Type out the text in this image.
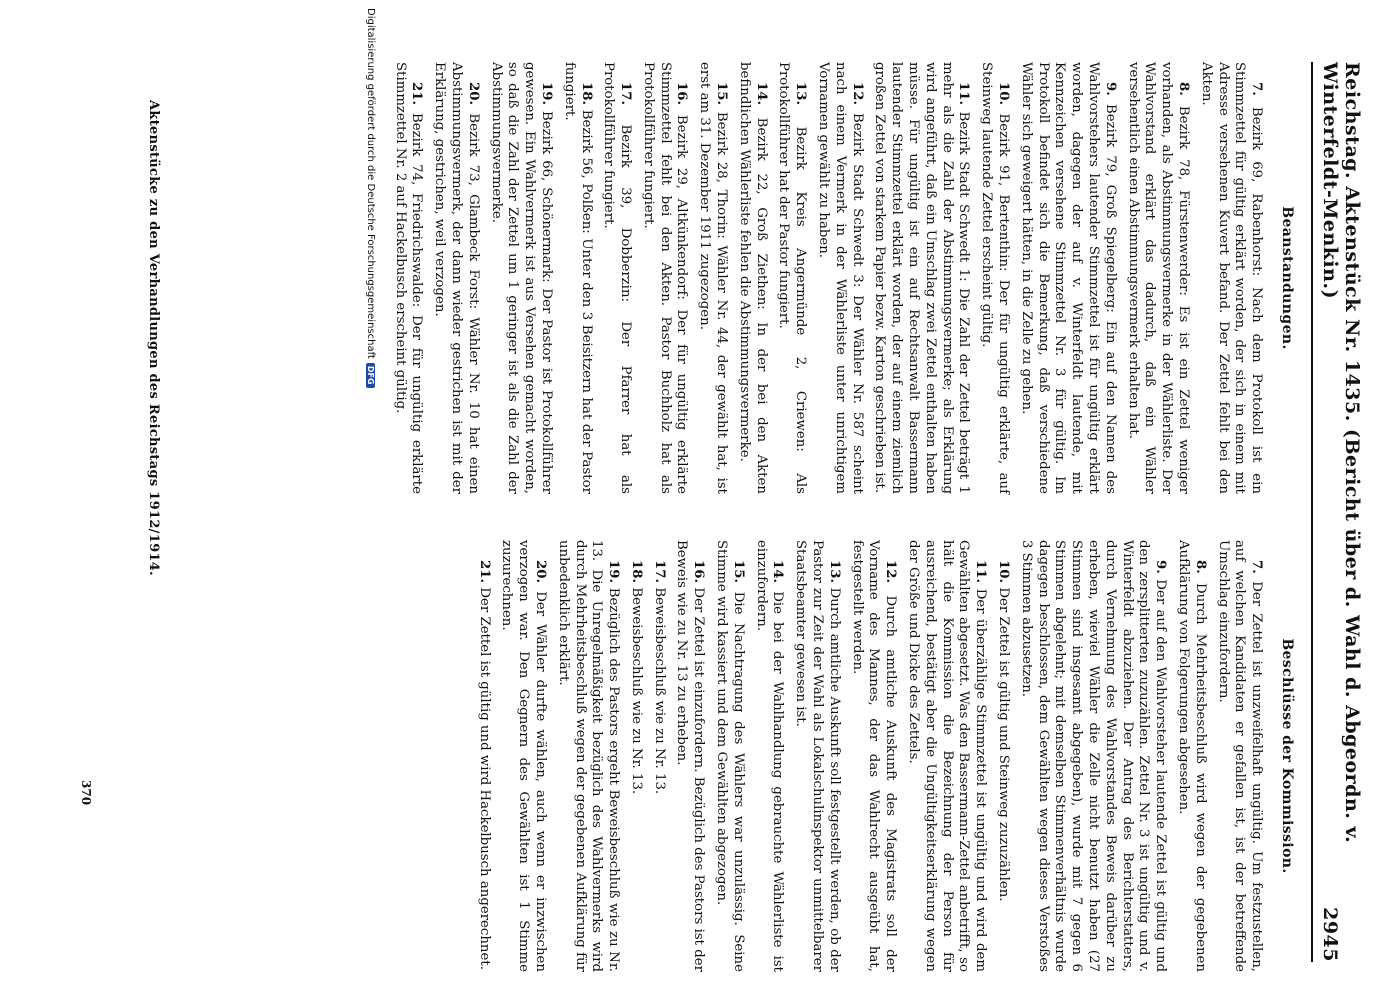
Reichstag. Aktenstück Nr. 1435. (Bericht über d. Wahl d. Abgeordn. v. Winterfeldt-Menkin.)
2945
Beanstandungen.

7. Bezirk 69, Rabenhorst: Nach dem Protokoll ist ein Stimmzettel für gültig erklärt worden, der sich in einem mit Adresse versehenen Kuvert befand. Der Zettel fehlt bei den Akten.

8. Bezirk 78, Fürstenwerder: Es ist ein Zettel weniger vorhanden, als Abstimmungsvermerke in der Wählerliste. Der Wahlvorstand erklärt das dadurch, daß ein Wähler versehentlich einen Abstimmungsvermerk erhalten hat.

9. Bezirk 79, Groß Spiegelberg: Ein auf den Namen des Wahlvorstehers lautender Stimmzettel ist für ungültig erklärt worden, dagegen der auf v. Winterfeldt lautende, mit Kennzeichen versehene Stimmzettel Nr. 3 für gültig. Im Protokoll befindet sich die Bemerkung, daß verschiedene Wähler sich geweigert hätten, in die Zelle zu gehen.

10. Bezirk 91, Bertenthin: Der für ungültig erklärte, auf Steinweg lautende Zettel erscheint gültig.

11. Bezirk Stadt Schwedt 1: Die Zahl der Zettel beträgt 1 mehr als die Zahl der Abstimmungsvermerke; als Erklärung wird angeführt, daß ein Umschlag zwei Zettel enthalten haben müsse. Für ungültig ist ein auf Rechtsanwalt Bassermann lautender Stimmzettel erklärt worden, der auf einem ziemlich großen Zettel von starkem Papier bezw. Karton geschrieben ist.

12. Bezirk Stadt Schwedt 3: Der Wähler Nr. 587 scheint nach einem Vermerk in der Wählerliste unter unrichtigem Vornamen gewählt zu haben.

13. Bezirk Kreis Angermünde 2, Criewen: Als Protokollführer hat der Pastor fungiert.

14. Bezirk 22, Groß Ziethen: In der bei den Akten befindlichen Wählerliste fehlen die Abstimmungsvermerke.

15. Bezirk 28, Thorin: Wähler Nr. 44, der gewählt hat, ist erst am 31. Dezember 1911 zugezogen.

16. Bezirk 29, Altkünkendorf: Der für ungültig erklärte Stimmzettel fehlt bei den Akten. Pastor Buchholz hat als Protokollführer fungiert.

17. Bezirk 39, Dobberzin: Der Pfarrer hat als Protokollführer fungiert.

18. Bezirk 56, Polßen: Unter den 3 Beisitzern hat der Pastor fungiert.

19. Bezirk 66, Schönermark: Der Pastor ist Protokollführer gewesen. Ein Wahlvermerk ist aus Versehen gemacht worden, so daß die Zahl der Zettel um 1 geringer ist als die Zahl der Abstimmungsvermerke.

20. Bezirk 73, Glambeck Forst: Wähler Nr. 10 hat einen Abstimmungsvermerk, der dann wieder gestrichen ist mit der Erklärung, gestrichen, weil verzogen.

21. Bezirk 74, Friedrichswalde: Der für ungültig erklärte Stimmzettel Nr. 2 auf Hackelbusch erscheint gültig.

Beschlüsse der Kommission.

7. Der Zettel ist unzweifelhaft ungültig. Um festzustellen, auf welchen Kandidaten er gefallen ist, ist der betreffende Umschlag einzufordern.

8. Durch Mehrheitsbeschluß wird wegen der gegebenen Aufklärung von Folgerungen abgesehen.

9. Der auf den Wahlvorsteher lautende Zettel ist gültig und den zersplitterten zuzuzählen. Zettel Nr. 3 ist ungültig und v. Winterfeldt abzuziehen. Der Antrag des Berichterstatters, durch Vernehmung des Wahlvorstandes Beweis darüber zu erheben, wieviel Wähler die Zelle nicht benutzt haben (27 Stimmen sind insgesamt abgegeben), wurde mit 7 gegen 6 Stimmen abgelehnt; mit demselben Stimmenverhältnis wurde dagegen beschlossen, dem Gewählten wegen dieses Verstoßes 3 Stimmen abzusetzen.

10. Der Zettel ist gültig und Steinweg zuzuzählen.

11. Der überzählige Stimmzettel ist ungültig und wird dem Gewählten abgesetzt. Was den Bassermann-Zettel anbetrifft, so hält die Kommission die Bezeichnung der Person für ausreichend, bestätigt aber die Ungültigkeitserklärung wegen der Größe und Dicke des Zettels.

12. Durch amtliche Auskunft des Magistrats soll der Vorname des Mannes, der das Wahlrecht ausgeübt hat, festgestellt werden.

13. Durch amtliche Auskunft soll festgestellt werden, ob der Pastor zur Zeit der Wahl als Lokalschulinspektor unmittelbarer Staatsbeamter gewesen ist.

14. Die bei der Wahlhandlung gebrauchte Wählerliste ist einzufordern.

15. Die Nachtragung des Wählers war unzulässig. Seine Stimme wird kassiert und dem Gewählten abgezogen.

16. Der Zettel ist einzufordern. Bezüglich des Pastors ist der Beweis wie zu Nr. 13 zu erheben.

17. Beweisbeschluß wie zu Nr. 13.

18. Beweisbeschluß wie zu Nr. 13.

19. Bezüglich des Pastors ergeht Beweisbeschluß wie zu Nr. 13. Die Unregelmäßigkeit bezüglich des Wahlvermerks wird durch Mehrheitsbeschluß wegen der gegebenen Aufklärung für unbedenklich erklärt.

20. Der Wähler durfte wählen, auch wenn er inzwischen verzogen war. Den Gegnern des Gewählten ist 1 Stimme zuzurechnen.

21. Der Zettel ist gültig und wird Hackelbusch angerechnet.

Aktenstücke zu den Verhandlungen des Reichstags 1912/1914.
370
Digitalisierung gefördert durch die Deutsche Forschungsgemeinschaft
DFG
